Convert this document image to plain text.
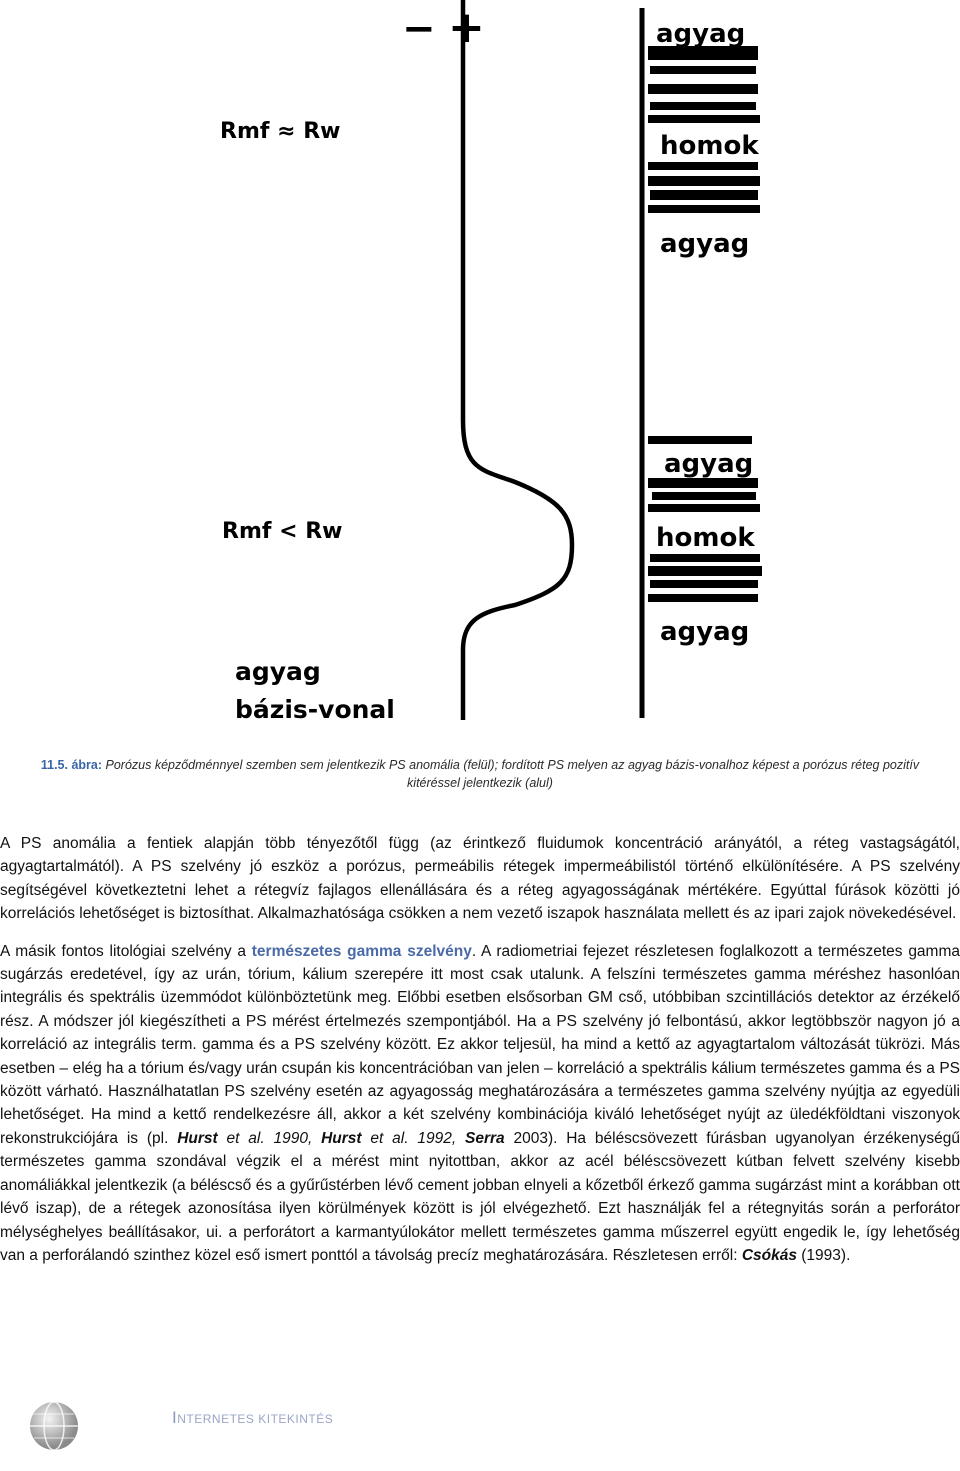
− +
Rmf ≈ Rw
Rmf < Rw
agyag
bázis-vonal
agyag
homok
agyag
agyag
homok
agyag
11.5. ábra: Porózus képződménnyel szemben sem jelentkezik PS anomália (felül); fordított PS melyen az agyag bázis-vonalhoz képest a porózus réteg pozitív kitéréssel jelentkezik (alul)

A PS anomália a fentiek alapján több tényezőtől függ (az érintkező fluidumok koncentráció arányától, a réteg vastagságától, agyagtartalmától). A PS szelvény jó eszköz a porózus, permeábilis rétegek impermeábilistól történő elkülönítésére. A PS szelvény segítségével következtetni lehet a rétegvíz fajlagos ellenállására és a réteg agyagosságának mértékére. Egyúttal fúrások közötti jó korrelációs lehetőséget is biztosíthat. Alkalmazhatósága csökken a nem vezető iszapok használata mellett és az ipari zajok növekedésével.

A másik fontos litológiai szelvény a természetes gamma szelvény. A radiometriai fejezet részletesen foglalkozott a természetes gamma sugárzás eredetével, így az urán, tórium, kálium szerepére itt most csak utalunk. A felszíni természetes gamma méréshez hasonlóan integrális és spektrális üzemmódot különböztetünk meg. Előbbi esetben elsősorban GM cső, utóbbiban szcintillációs detektor az érzékelő rész. A módszer jól kiegészítheti a PS mérést értelmezés szempontjából. Ha a PS szelvény jó felbontású, akkor legtöbbször nagyon jó a korreláció az integrális term. gamma és a PS szelvény között. Ez akkor teljesül, ha mind a kettő az agyagtartalom változását tükrözi. Más esetben – elég ha a tórium és/vagy urán csupán kis koncentrációban van jelen – korreláció a spektrális kálium természetes gamma és a PS között várható. Használhatatlan PS szelvény esetén az agyagosság meghatározására a természetes gamma szelvény nyújtja az egyedüli lehetőséget. Ha mind a kettő rendelkezésre áll, akkor a két szelvény kombinációja kiváló lehetőséget nyújt az üledékföldtani viszonyok rekonstrukciójára is (pl. Hurst et al. 1990, Hurst et al. 1992, Serra 2003). Ha béléscsövezett fúrásban ugyanolyan érzékenységű természetes gamma szondával végzik el a mérést mint nyitottban, akkor az acél béléscsövezett kútban felvett szelvény kisebb anomáliákkal jelentkezik (a béléscső és a gyűrűstérben lévő cement jobban elnyeli a kőzetből érkező gamma sugárzást mint a korábban ott lévő iszap), de a rétegek azonosítása ilyen körülmények között is jól elvégezhető. Ezt használják fel a rétegnyitás során a perforátor mélységhelyes beállításakor, ui. a perforátort a karmantyúlokátor mellett természetes gamma műszerrel együtt engedik le, így lehetőség van a perforálandó szinthez közel eső ismert ponttól a távolság precíz meghatározására. Részletesen erről: Csókás (1993).

INTERNETES KITEKINTÉS
